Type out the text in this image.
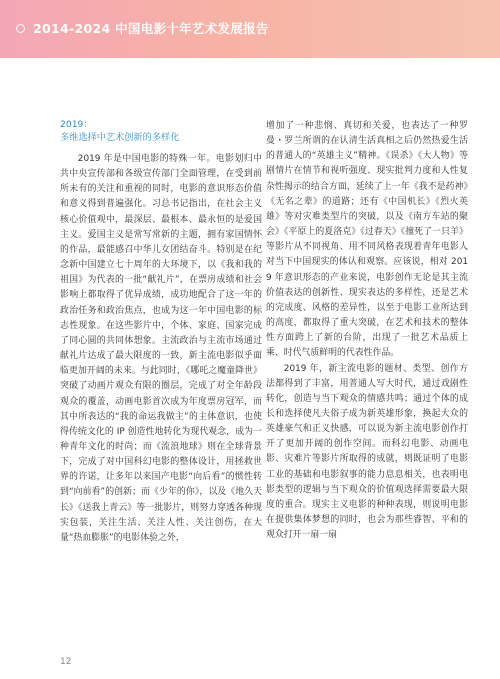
2014-2024 中国电影十年艺术发展报告
2019：
多维选择中艺术创新的多样化

2019 年是中国电影的特殊一年。电影划归中共中央宣传部和各级宣传部门全面管理，在受到前所未有的关注和重视的同时，电影的意识形态价值和意义得到普遍强化。习总书记指出，在社会主义核心价值观中，最深层、最根本、最永恒的是爱国主义。爱国主义是常写常新的主题，拥有家国情怀的作品，最能感召中华儿女团结奋斗。特别是在纪念新中国建立七十周年的大环境下，以《我和我的祖国》为代表的一批“献礼片”，在票房成绩和社会影响上都取得了优异成绩，成功地配合了这一年的政治任务和政治焦点，也成为这一年中国电影的标志性现象。在这些影片中，个体、家庭、国家完成了同心圆的共同体想象。主流政治与主流市场通过献礼片达成了最大限度的一致，新主流电影似乎面临更加开阔的未来。与此同时，《哪吒之魔童降世》突破了动画片观众有限的圈层，完成了对全年龄段观众的覆盖，动画电影首次成为年度票房冠军，而其中所表达的“我的命运我做主”的主体意识，也使得传统文化的 IP 创造性地转化为现代观念，成为一种青年文化的时尚；而《流浪地球》则在全球背景下，完成了对中国科幻电影的整体设计，用拯救世界的许诺，让多年以来国产电影“向后看”的惯性转到“向前看”的创新；而《少年的你》，以及《地久天长》《送我上青云》等一批影片，则努力穿透各种现实包装，关注生活、关注人性、关注创伤，在大量“热血膨胀”的电影体验之外，

增加了一种悲悯、真切和关爱，也表达了一种罗曼・罗兰所谓的在认清生活真相之后仍然热爱生活的普通人的“英雄主义”精神。《误杀》《大人物》等剧情片在情节和视听强度、现实批判力度和人性复杂性揭示的结合方面，延续了上一年《我不是药神》《无名之辈》的道路；还有《中国机长》《烈火英雄》等对灾难类型片的突破，以及《南方车站的聚会》《平原上的夏洛克》《过春天》《撞死了一只羊》等影片从不同视角、用不同风格表现着青年电影人对当下中国现实的体认和观察。应该说，相对 2019 年意识形态的产业来说，电影创作无论是其主流价值表达的创新性、现实表达的多样性，还是艺术的完成度、风格的差异性，以至于电影工业所达到的高度，都取得了重大突破，在艺术和技术的整体性方面跨上了新的台阶，出现了一批艺术品质上乘、时代气质鲜明的代表性作品。

2019 年，新主流电影的题材、类型、创作方法都得到了丰富，用普通人写大时代，通过戏剧性转化，创造与当下观众的情感共鸣；通过个体的成长和选择使凡夫俗子成为新英雄形象，换起大众的英雄豪气和正义快感，可以说为新主流电影创作打开了更加开阔的创作空间。而科幻电影、动画电影、灾难片等影片所取得的成就，则既证明了电影工业的基础和电影叙事的能力息息相关，也表明电影类型的逻辑与当下观众的价值观选择需要最大限度的重合。现实主义电影的种种表现，则说明电影在提供集体梦想的同时，也会为那些睿智、平和的观众打开一扇一扇

12
